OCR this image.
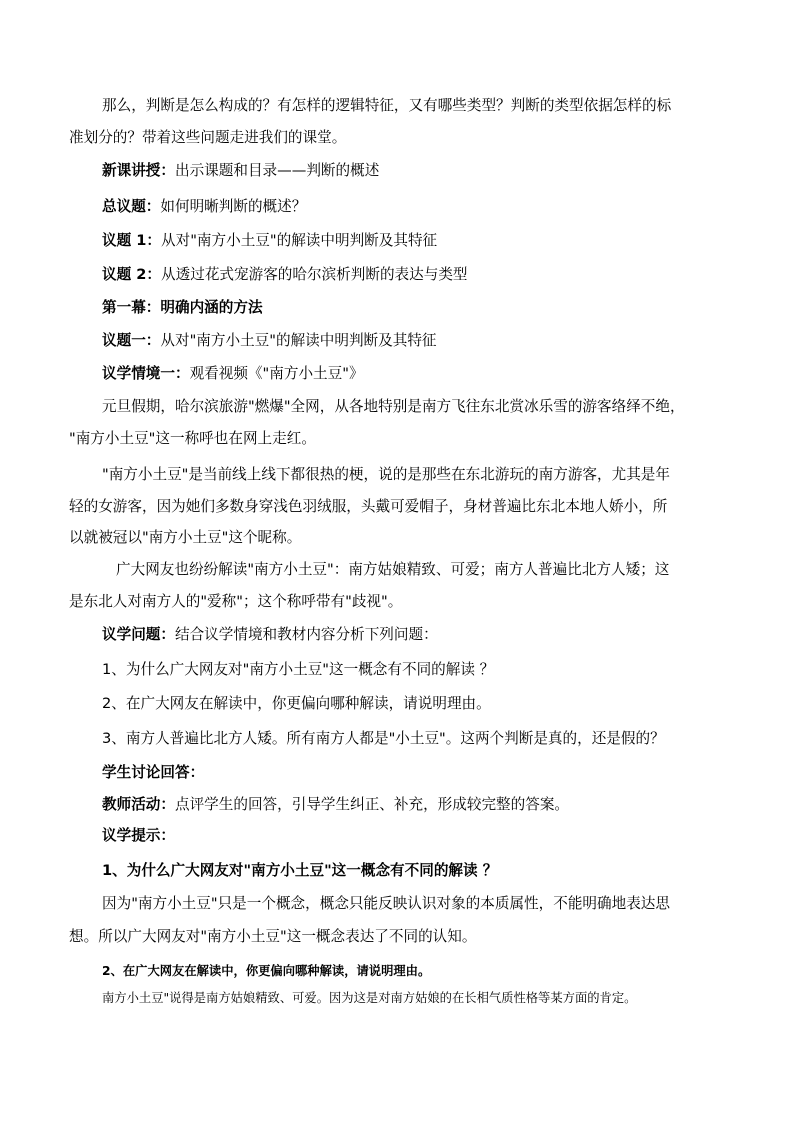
那么，判断是怎么构成的？有怎样的逻辑特征，又有哪些类型？判断的类型依据怎样的标
准划分的？带着这些问题走进我们的课堂。
新课讲授：出示课题和目录——判断的概述
总议题：如何明晰判断的概述？
议题 1：从对"南方小土豆"的解读中明判断及其特征
议题 2：从透过花式宠游客的哈尔滨析判断的表达与类型
第一幕：明确内涵的方法
议题一：从对"南方小土豆"的解读中明判断及其特征
议学情境一：观看视频《"南方小土豆"》
元旦假期，哈尔滨旅游"燃爆"全网，从各地特别是南方飞往东北赏冰乐雪的游客络绎不绝，
"南方小土豆"这一称呼也在网上走红。
"南方小土豆"是当前线上线下都很热的梗，说的是那些在东北游玩的南方游客，尤其是年
轻的女游客，因为她们多数身穿浅色羽绒服，头戴可爱帽子，身材普遍比东北本地人娇小，所
以就被冠以"南方小土豆"这个昵称。
广大网友也纷纷解读"南方小土豆"：南方姑娘精致、可爱；南方人普遍比北方人矮；这
是东北人对南方人的"爱称"；这个称呼带有"歧视"。
议学问题：结合议学情境和教材内容分析下列问题：
1、为什么广大网友对"南方小土豆"这一概念有不同的解读 ？
2、在广大网友在解读中，你更偏向哪种解读，请说明理由。
3、南方人普遍比北方人矮。所有南方人都是"小土豆"。这两个判断是真的，还是假的？
学生讨论回答：
教师活动：点评学生的回答，引导学生纠正、补充，形成较完整的答案。
议学提示：
1、为什么广大网友对"南方小土豆"这一概念有不同的解读 ？
因为"南方小土豆"只是一个概念，概念只能反映认识对象的本质属性，不能明确地表达思
想。所以广大网友对"南方小土豆"这一概念表达了不同的认知。
2、在广大网友在解读中，你更偏向哪种解读，请说明理由。
南方小土豆"说得是南方姑娘精致、可爱。因为这是对南方姑娘的在长相气质性格等某方面的肯定。
